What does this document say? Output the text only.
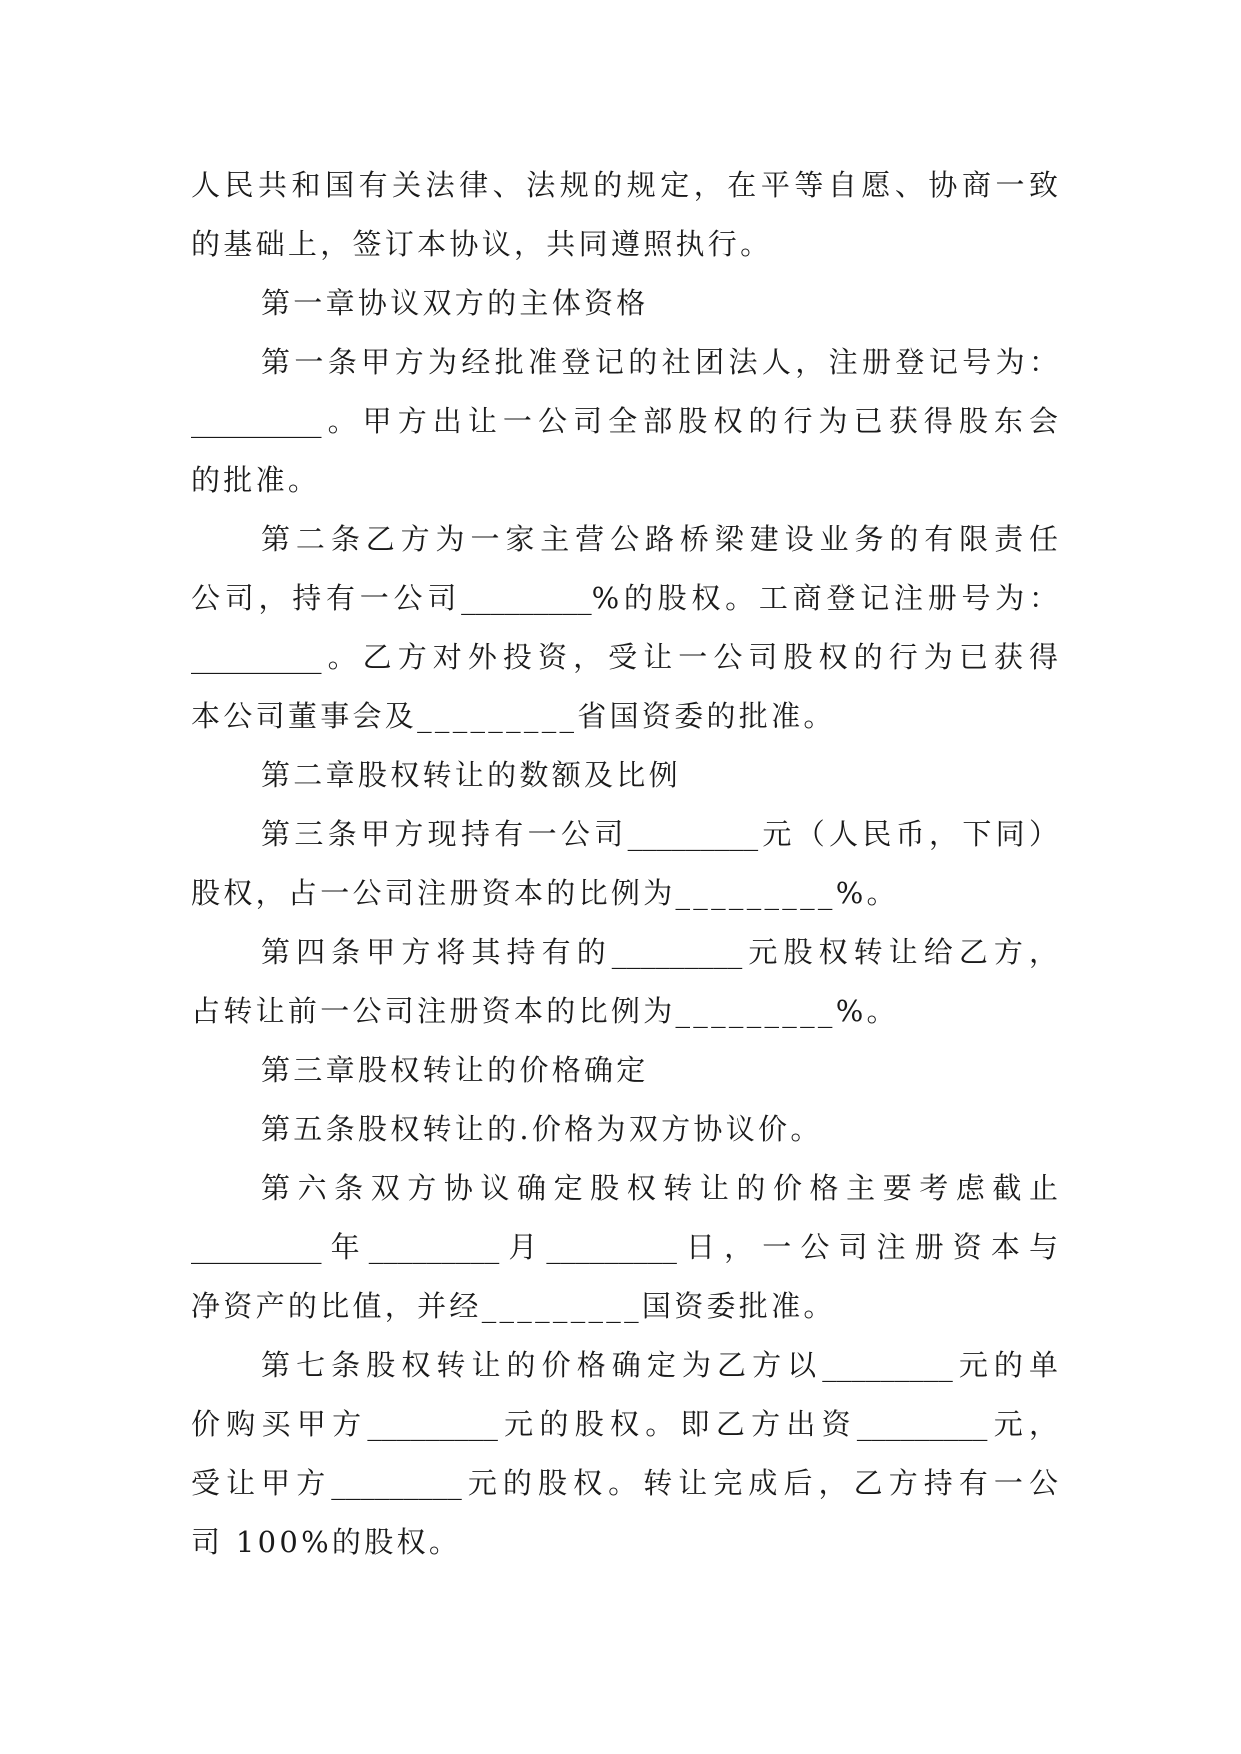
人民共和国有关法律、法规的规定，在平等自愿、协商一致
的基础上，签订本协议，共同遵照执行。
第一章协议双方的主体资格
第一条甲方为经批准登记的社团法人，注册登记号为：
_________。甲方出让一公司全部股权的行为已获得股东会
的批准。
第二条乙方为一家主营公路桥梁建设业务的有限责任
公司，持有一公司_________%的股权。工商登记注册号为：
_________。乙方对外投资，受让一公司股权的行为已获得
本公司董事会及_________省国资委的批准。
第二章股权转让的数额及比例
第三条甲方现持有一公司_________元（人民币，下同）
股权，占一公司注册资本的比例为_________%。
第四条甲方将其持有的_________元股权转让给乙方，
占转让前一公司注册资本的比例为_________%。
第三章股权转让的价格确定
第五条股权转让的.价格为双方协议价。
第六条双方协议确定股权转让的价格主要考虑截止
_________年_________月_________日，一公司注册资本与
净资产的比值，并经_________国资委批准。
第七条股权转让的价格确定为乙方以_________元的单
价购买甲方_________元的股权。即乙方出资_________元，
受让甲方_________元的股权。转让完成后，乙方持有一公
司 100%的股权。
